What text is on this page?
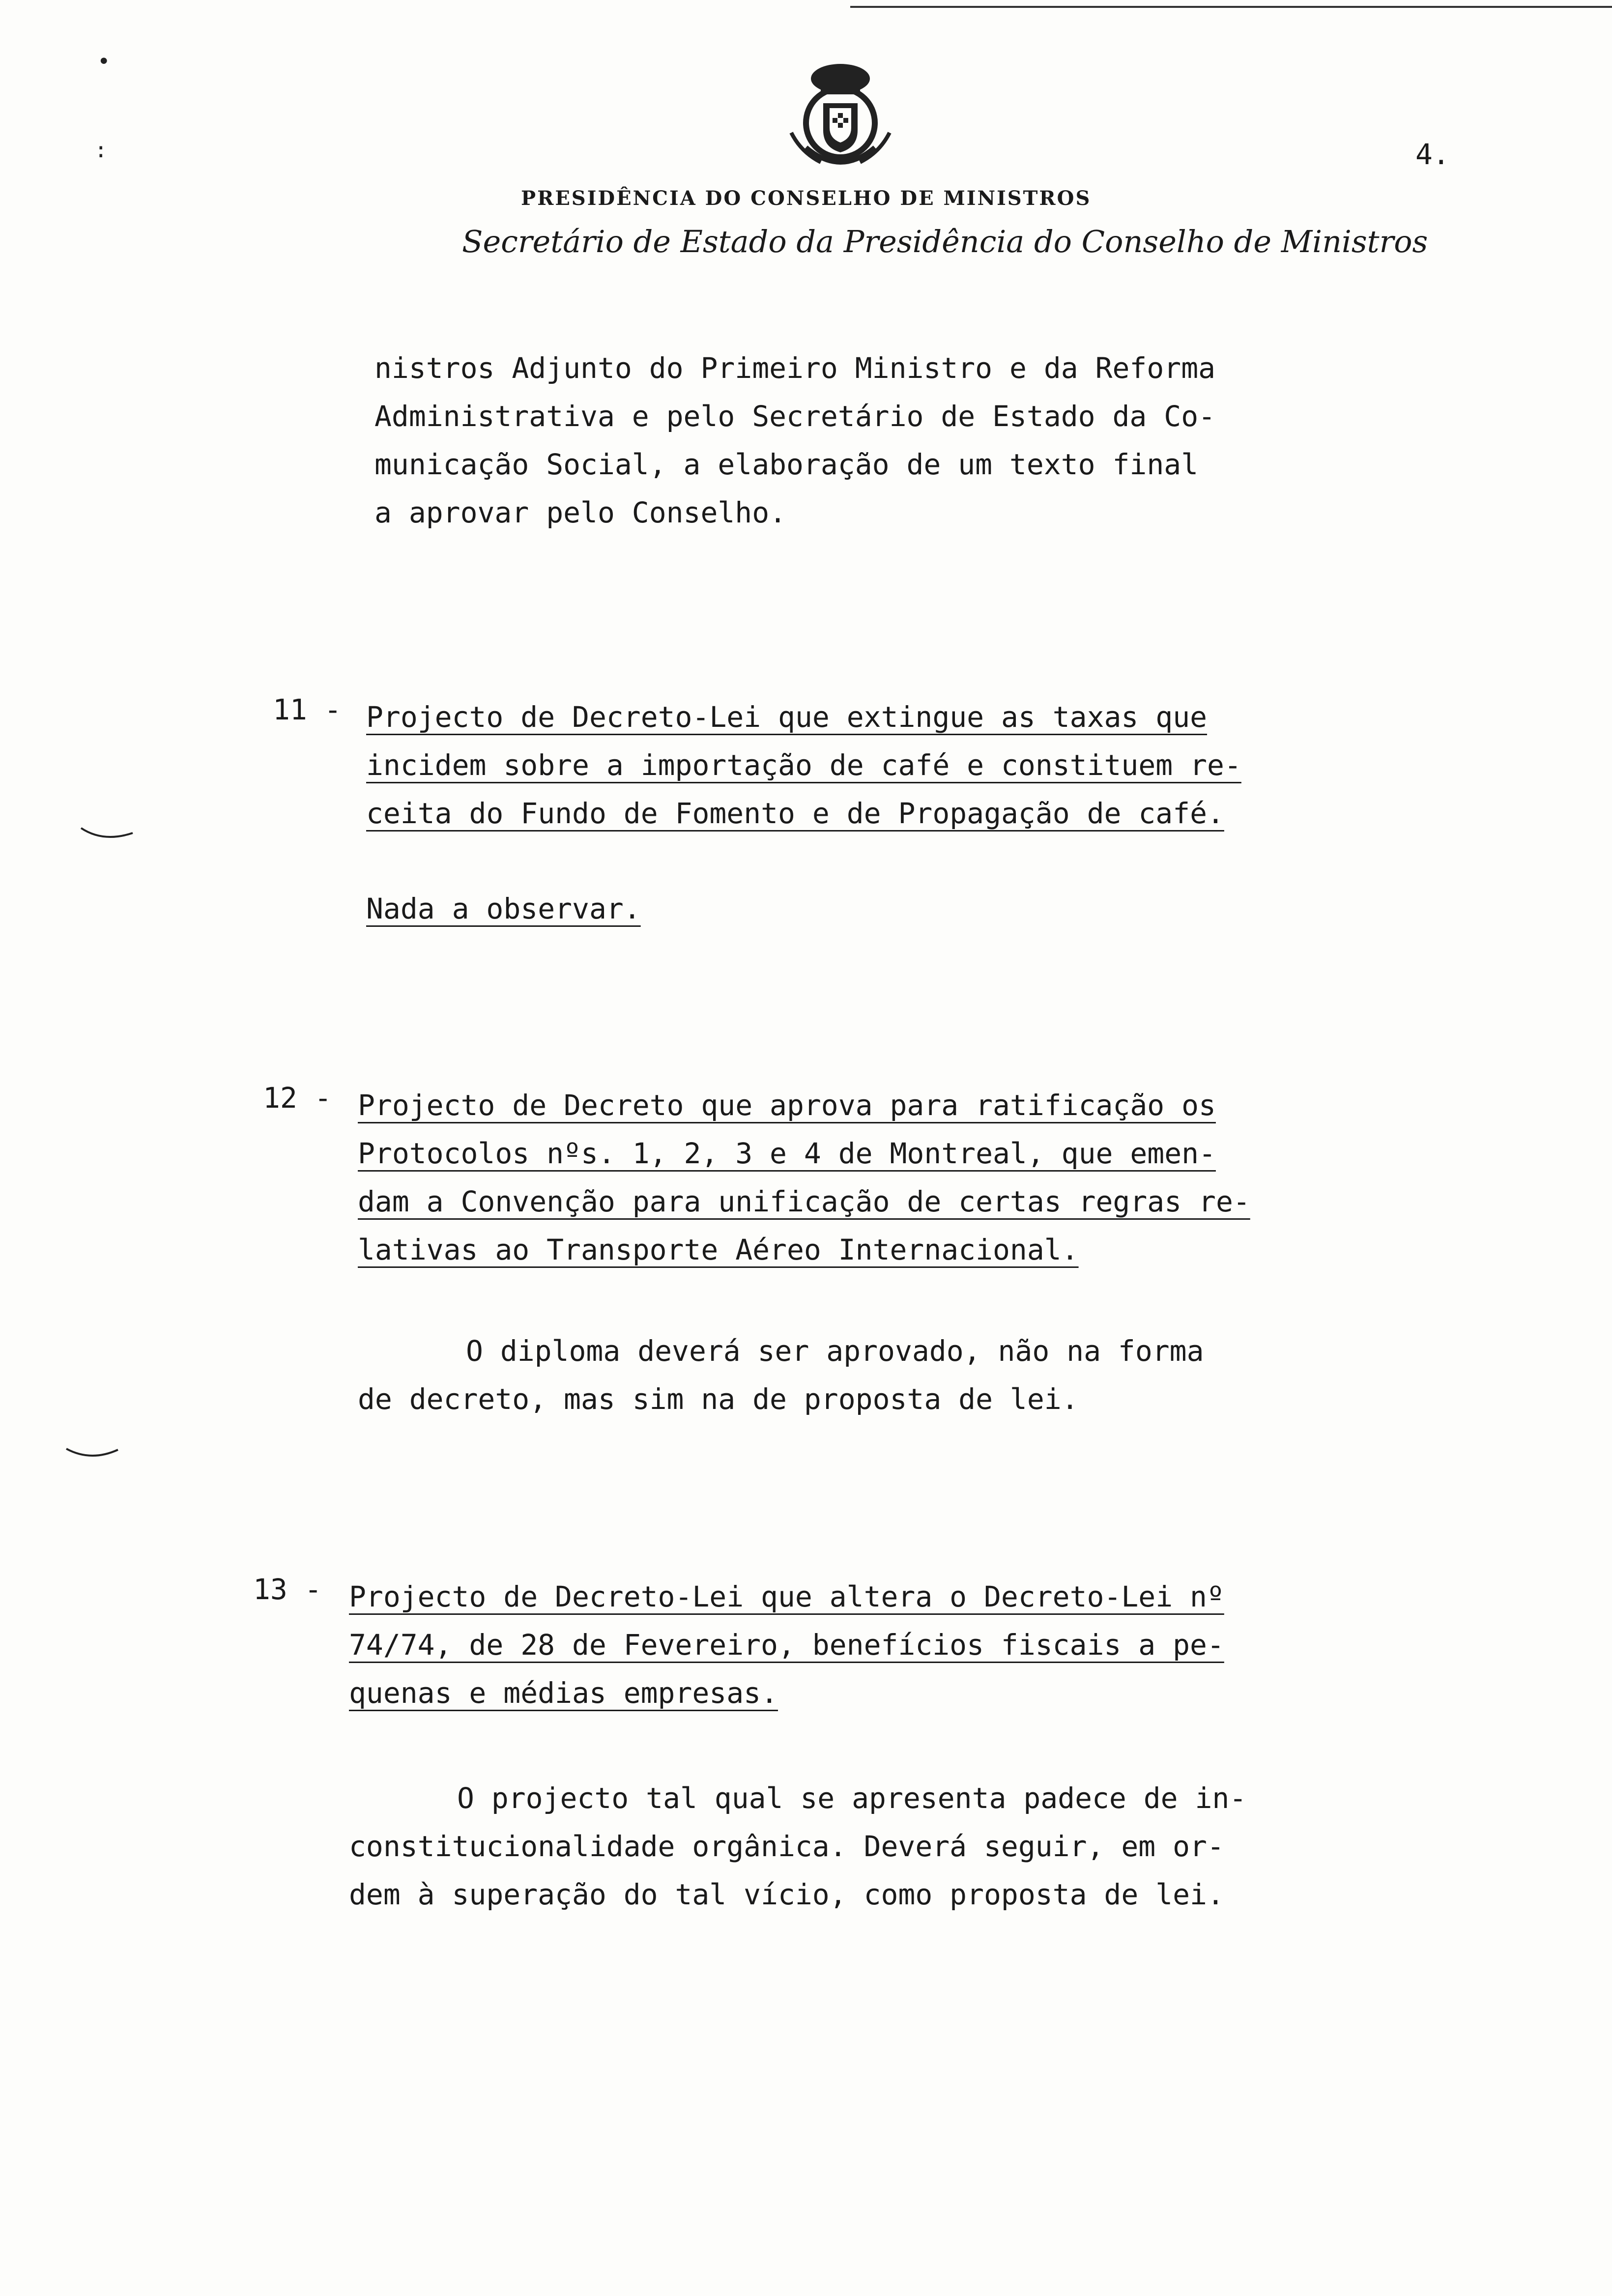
•
:	4.
PRESIDÊNCIA DO CONSELHO DE MINISTROS
Secretário de Estado da Presidência do Conselho de Ministros
nistros Adjunto do Primeiro Ministro e da Reforma
Administrativa e pelo Secretário de Estado da Co-
municação Social, a elaboração de um texto final
a aprovar pelo Conselho.
11 - Projecto de Decreto-Lei que extingue as taxas que
incidem sobre a importação de café e constituem re-
ceita do Fundo de Fomento e de Propagação de café.
Nada a observar.
12 - Projecto de Decreto que aprova para ratificação os
Protocolos nºs. 1, 2, 3 e 4 de Montreal, que emen-
dam a Convenção para unificação de certas regras re-
lativas ao Transporte Aéreo Internacional.
O diploma deverá ser aprovado, não na forma
de decreto, mas sim na de proposta de lei.
13 - Projecto de Decreto-Lei que altera o Decreto-Lei nº
74/74, de 28 de Fevereiro, benefícios fiscais a pe-
quenas e médias empresas.
O projecto tal qual se apresenta padece de in-
constitucionalidade orgânica. Deverá seguir, em or-
dem à superação do tal vício, como proposta de lei.
